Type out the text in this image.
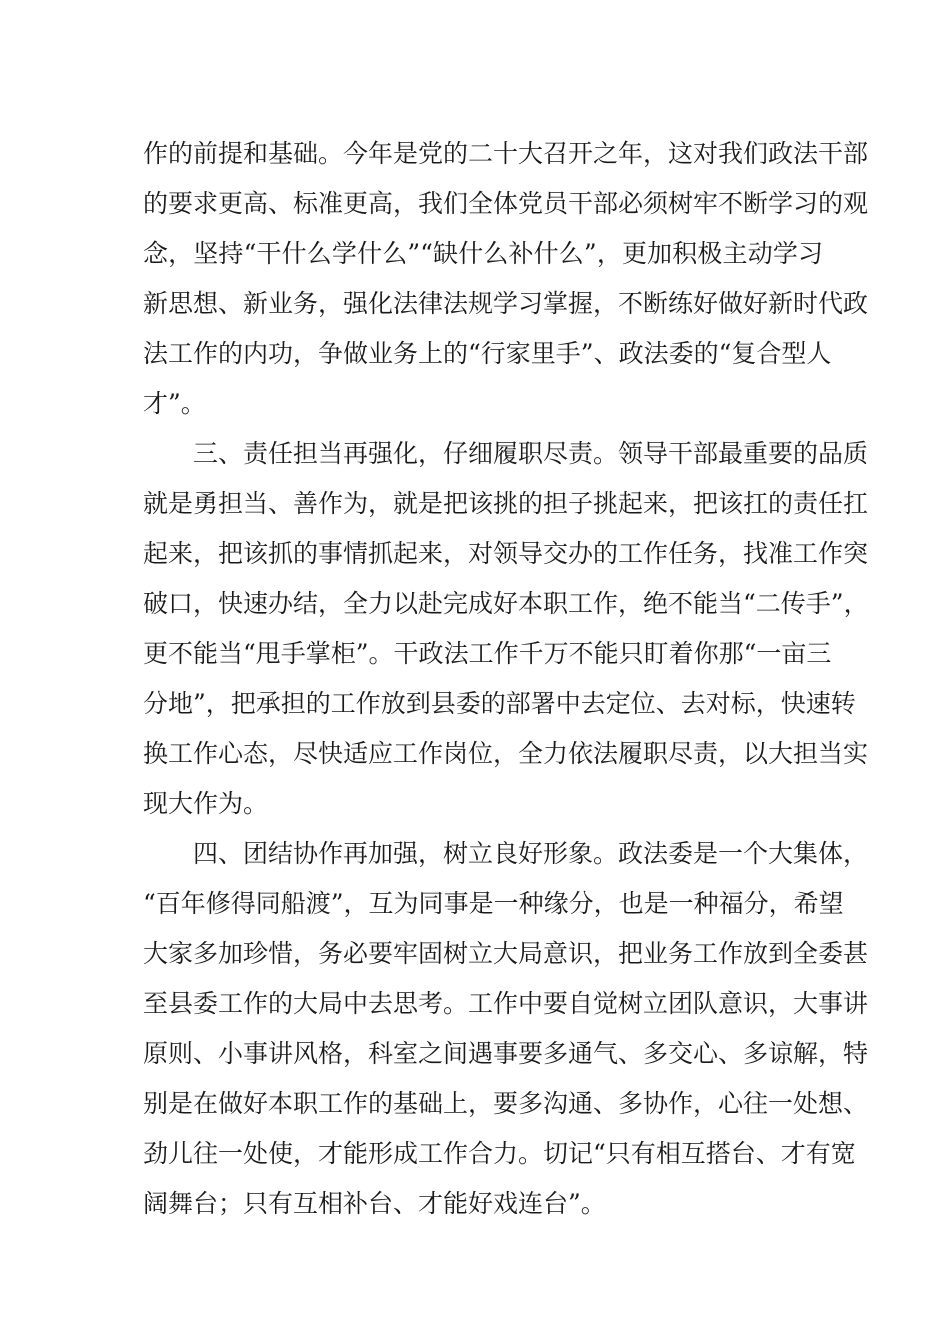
作的前提和基础。今年是党的二十大召开之年，这对我们政法干部
的要求更高、标准更高，我们全体党员干部必须树牢不断学习的观
念，坚持“干什么学什么”“缺什么补什么”，更加积极主动学习
新思想、新业务，强化法律法规学习掌握，不断练好做好新时代政
法工作的内功，争做业务上的“行家里手”、政法委的“复合型人
才”。
三、责任担当再强化，仔细履职尽责。领导干部最重要的品质
就是勇担当、善作为，就是把该挑的担子挑起来，把该扛的责任扛
起来，把该抓的事情抓起来，对领导交办的工作任务，找准工作突
破口，快速办结，全力以赴完成好本职工作，绝不能当“二传手”，
更不能当“甩手掌柜”。干政法工作千万不能只盯着你那“一亩三
分地”，把承担的工作放到县委的部署中去定位、去对标，快速转
换工作心态，尽快适应工作岗位，全力依法履职尽责，以大担当实
现大作为。
四、团结协作再加强，树立良好形象。政法委是一个大集体，
“百年修得同船渡”，互为同事是一种缘分，也是一种福分，希望
大家多加珍惜，务必要牢固树立大局意识，把业务工作放到全委甚
至县委工作的大局中去思考。工作中要自觉树立团队意识，大事讲
原则、小事讲风格，科室之间遇事要多通气、多交心、多谅解，特
别是在做好本职工作的基础上，要多沟通、多协作，心往一处想、
劲儿往一处使，才能形成工作合力。切记“只有相互搭台、才有宽
阔舞台；只有互相补台、才能好戏连台”。
